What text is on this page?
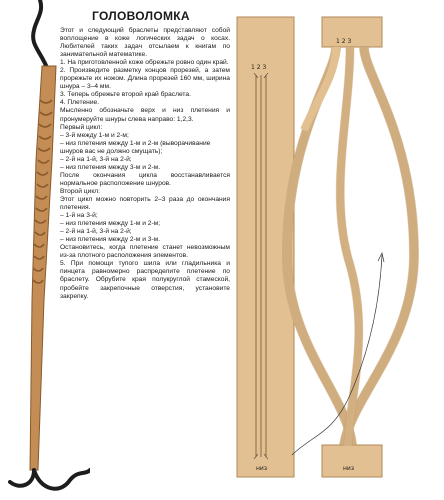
ГОЛОВОЛОМКА

Этот и следующий браслеты представляют собой воплощение в коже логических задач о косах. Любителей таких задач отсылаем к книгам по занимательной математике.

1. На приготовленной коже обрежьте ровно один край.

2. Произведите разметку концов прорезей, а затем прорежьте их ножом. Длина прорезей 160 мм, ширина шнура – 3–4 мм.

3. Теперь обрежьте второй край браслета.

4. Плетение.

Мысленно обозначьте верх и низ плетения и пронумеруйте шнуры слева направо: 1,2,3.

Первый цикл:
– 3-й между 1-м и 2-м;
– низ плетения между 1-м и 2-м (выворачивание шнуров вас не должно смущать);
– 2-й на 1-й, 3-й на 2-й;
– низ плетения между 3-м и 2-м.

После окончания цикла восстанавливается нормальное расположение шнуров.

Второй цикл:

Этот цикл можно повторить 2–3 раза до окончания плетения.

– 1-й на 3-й;
– низ плетения между 1-м и 2-м;
– 2-й на 1-й, 3-й на 2-й;
– низ плетения между 2-м и 3-м.

Остановитесь, когда плетение станет невозможным из-за плотного расположения элементов.

5. При помощи тупого шила или гладильника и пинцета равномерно распределите плетение по браслету. Обрубите края полукруглой стамеской, пробейте закрепочные отверстия, установите закрепку.

1 2 3
низ
1 2 3
низ
